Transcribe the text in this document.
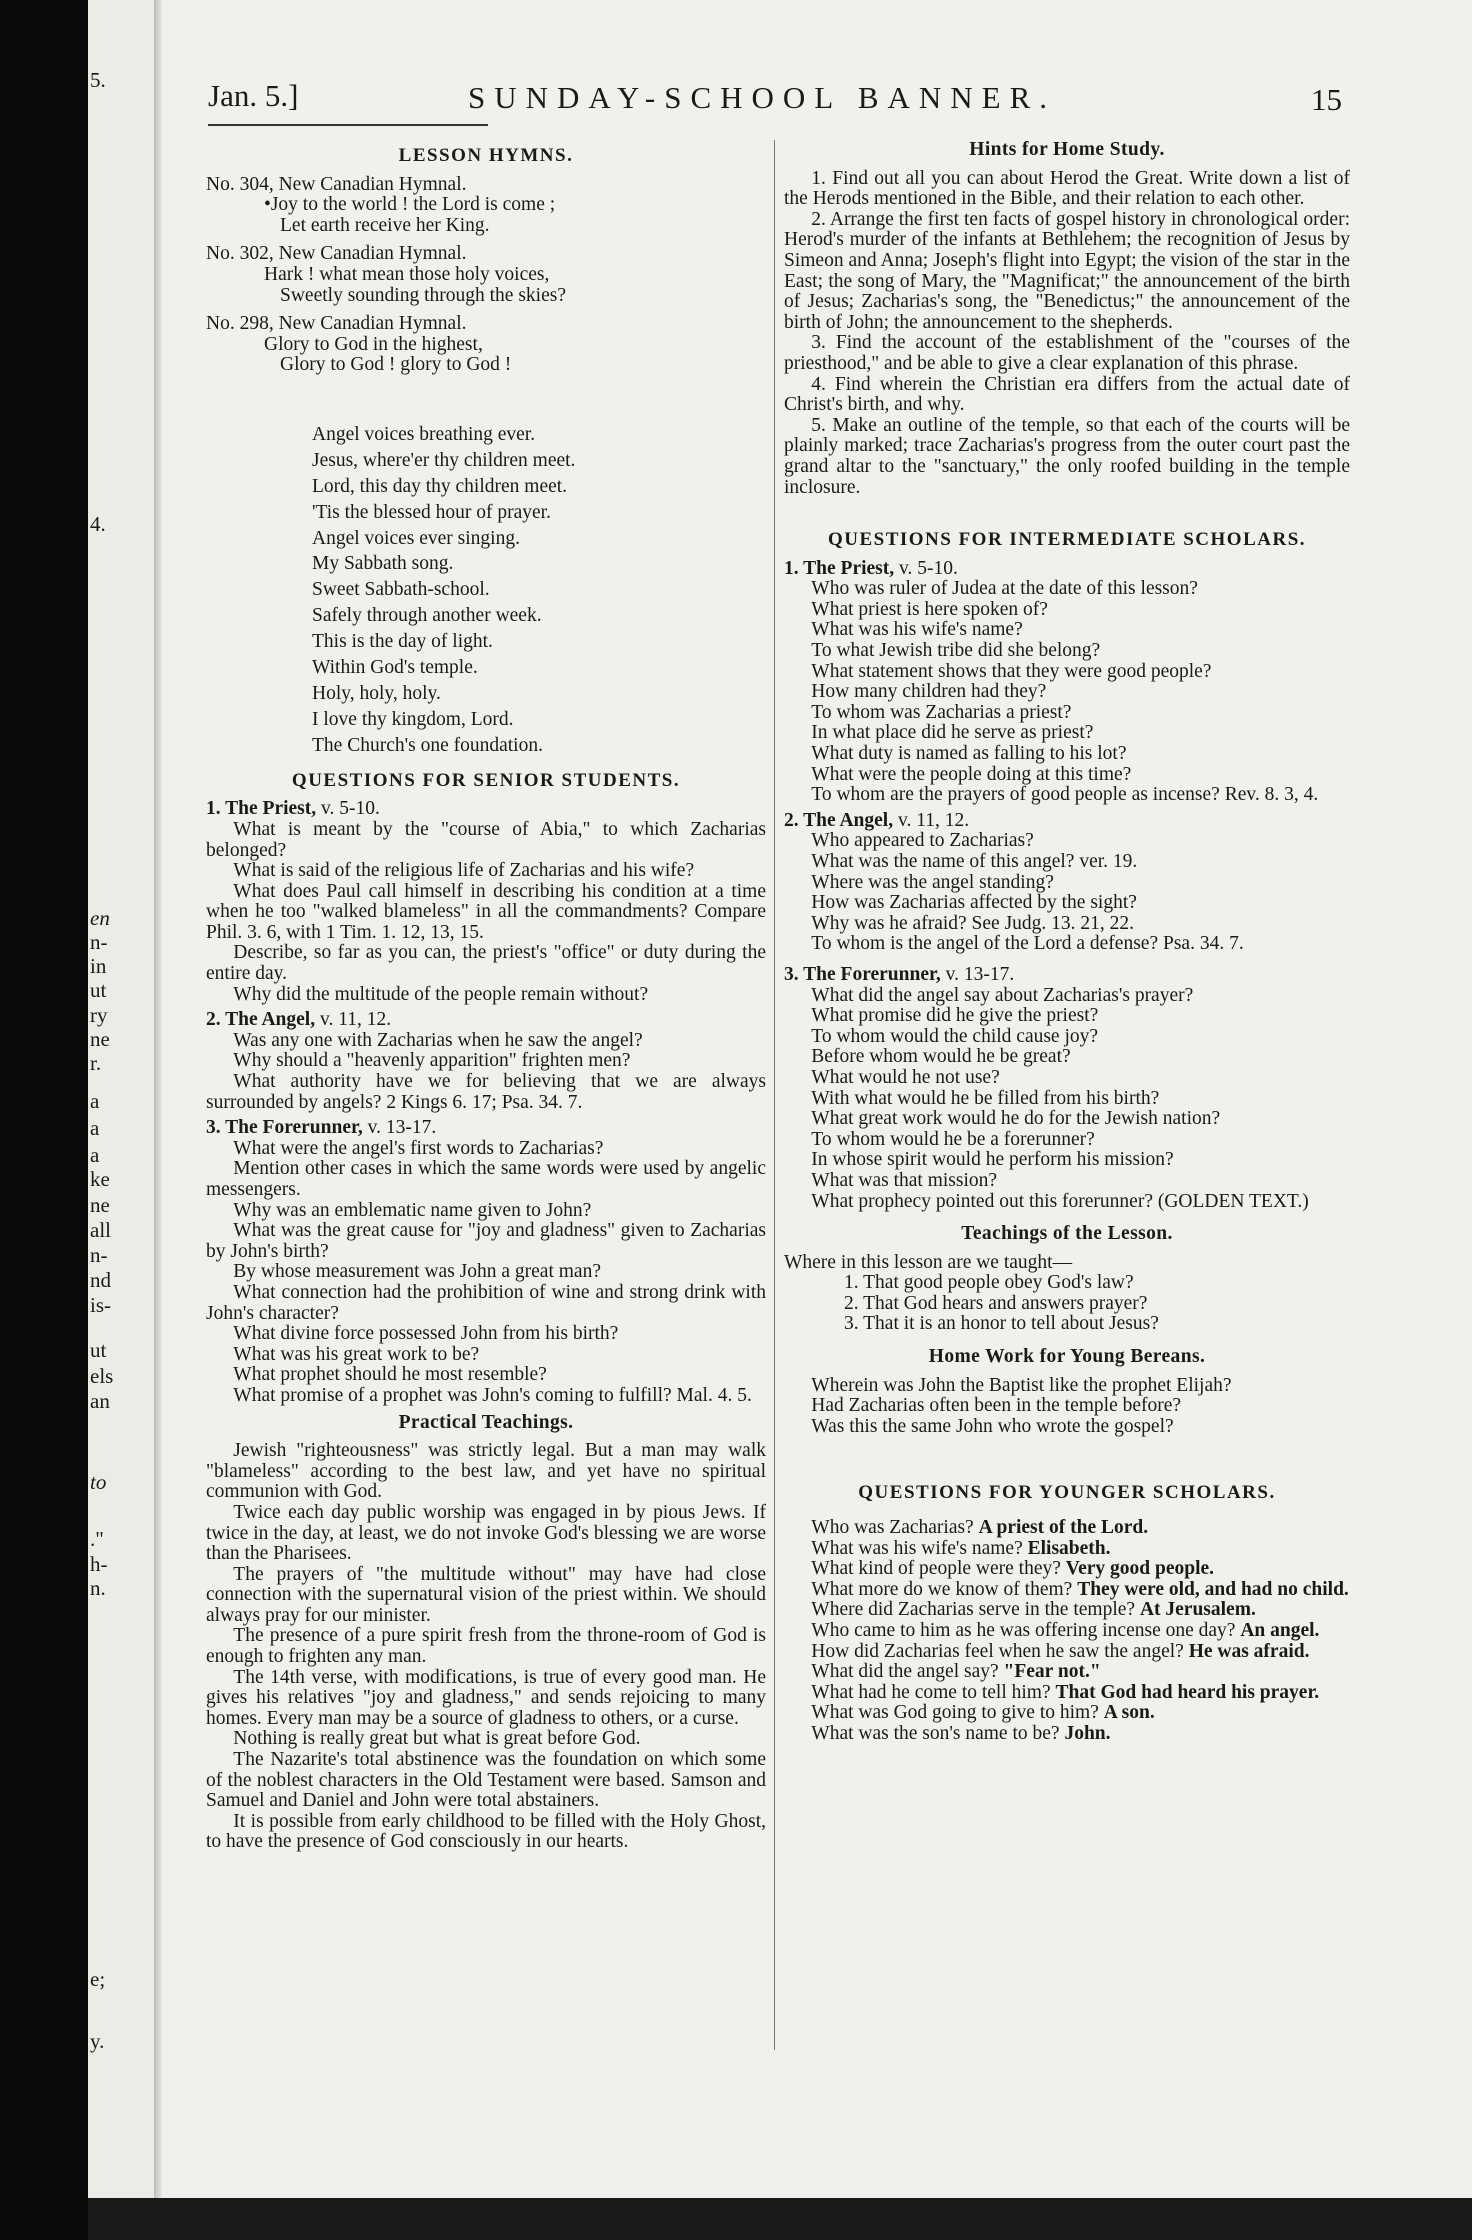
5.
4.
en
n-
in
ut
ry
ne
r.
a
a
a
ke
ne
all
n-
nd
is-
ut
els
an
to
."
h-
n.
e;
y.
Jan. 5.]	SUNDAY-SCHOOL BANNER.	15
LESSON HYMNS.
No. 304, New Canadian Hymnal.
•Joy to the world ! the Lord is come ;
Let earth receive her King.
No. 302, New Canadian Hymnal.
Hark ! what mean those holy voices,
Sweetly sounding through the skies?
No. 298, New Canadian Hymnal.
Glory to God in the highest,
Glory to God ! glory to God !
Angel voices breathing ever.
Jesus, where'er thy children meet.
Lord, this day thy children meet.
'Tis the blessed hour of prayer.
Angel voices ever singing.
My Sabbath song.
Sweet Sabbath-school.
Safely through another week.
This is the day of light.
Within God's temple.
Holy, holy, holy.
I love thy kingdom, Lord.
The Church's one foundation.
QUESTIONS FOR SENIOR STUDENTS.
1. The Priest, v. 5-10.
What is meant by the "course of Abia," to which Zacharias belonged?
What is said of the religious life of Zacharias and his wife?
What does Paul call himself in describing his condition at a time when he too "walked blameless" in all the commandments? Compare Phil. 3. 6, with 1 Tim. 1. 12, 13, 15.
Describe, so far as you can, the priest's "office" or duty during the entire day.
Why did the multitude of the people remain without?
2. The Angel, v. 11, 12.
Was any one with Zacharias when he saw the angel?
Why should a "heavenly apparition" frighten men?
What authority have we for believing that we are always surrounded by angels? 2 Kings 6. 17; Psa. 34. 7.
3. The Forerunner, v. 13-17.
What were the angel's first words to Zacharias?
Mention other cases in which the same words were used by angelic messengers.
Why was an emblematic name given to John?
What was the great cause for "joy and gladness" given to Zacharias by John's birth?
By whose measurement was John a great man?
What connection had the prohibition of wine and strong drink with John's character?
What divine force possessed John from his birth?
What was his great work to be?
What prophet should he most resemble?
What promise of a prophet was John's coming to fulfill? Mal. 4. 5.
Practical Teachings.
Jewish "righteousness" was strictly legal. But a man may walk "blameless" according to the best law, and yet have no spiritual communion with God.
Twice each day public worship was engaged in by pious Jews. If twice in the day, at least, we do not invoke God's blessing we are worse than the Pharisees.
The prayers of "the multitude without" may have had close connection with the supernatural vision of the priest within. We should always pray for our minister.
The presence of a pure spirit fresh from the throne-room of God is enough to frighten any man.
The 14th verse, with modifications, is true of every good man. He gives his relatives "joy and gladness," and sends rejoicing to many homes. Every man may be a source of gladness to others, or a curse.
Nothing is really great but what is great before God.
The Nazarite's total abstinence was the foundation on which some of the noblest characters in the Old Testament were based. Samson and Samuel and Daniel and John were total abstainers.
It is possible from early childhood to be filled with the Holy Ghost, to have the presence of God consciously in our hearts.
Hints for Home Study.
1. Find out all you can about Herod the Great. Write down a list of the Herods mentioned in the Bible, and their relation to each other.
2. Arrange the first ten facts of gospel history in chronological order: Herod's murder of the infants at Bethlehem; the recognition of Jesus by Simeon and Anna; Joseph's flight into Egypt; the vision of the star in the East; the song of Mary, the "Magnificat;" the announcement of the birth of Jesus; Zacharias's song, the "Benedictus;" the announcement of the birth of John; the announcement to the shepherds.
3. Find the account of the establishment of the "courses of the priesthood," and be able to give a clear explanation of this phrase.
4. Find wherein the Christian era differs from the actual date of Christ's birth, and why.
5. Make an outline of the temple, so that each of the courts will be plainly marked; trace Zacharias's progress from the outer court past the grand altar to the "sanctuary," the only roofed building in the temple inclosure.
QUESTIONS FOR INTERMEDIATE SCHOLARS.
1. The Priest, v. 5-10.
Who was ruler of Judea at the date of this lesson?
What priest is here spoken of?
What was his wife's name?
To what Jewish tribe did she belong?
What statement shows that they were good people?
How many children had they?
To whom was Zacharias a priest?
In what place did he serve as priest?
What duty is named as falling to his lot?
What were the people doing at this time?
To whom are the prayers of good people as incense? Rev. 8. 3, 4.
2. The Angel, v. 11, 12.
Who appeared to Zacharias?
What was the name of this angel? ver. 19.
Where was the angel standing?
How was Zacharias affected by the sight?
Why was he afraid? See Judg. 13. 21, 22.
To whom is the angel of the Lord a defense? Psa. 34. 7.
3. The Forerunner, v. 13-17.
What did the angel say about Zacharias's prayer?
What promise did he give the priest?
To whom would the child cause joy?
Before whom would he be great?
What would he not use?
With what would he be filled from his birth?
What great work would he do for the Jewish nation?
To whom would he be a forerunner?
In whose spirit would he perform his mission?
What was that mission?
What prophecy pointed out this forerunner? (GOLDEN TEXT.)
Teachings of the Lesson.
Where in this lesson are we taught—
1. That good people obey God's law?
2. That God hears and answers prayer?
3. That it is an honor to tell about Jesus?
Home Work for Young Bereans.
Wherein was John the Baptist like the prophet Elijah?
Had Zacharias often been in the temple before?
Was this the same John who wrote the gospel?
QUESTIONS FOR YOUNGER SCHOLARS.
Who was Zacharias? A priest of the Lord.
What was his wife's name? Elisabeth.
What kind of people were they? Very good people.
What more do we know of them? They were old, and had no child.
Where did Zacharias serve in the temple? At Jerusalem.
Who came to him as he was offering incense one day? An angel.
How did Zacharias feel when he saw the angel? He was afraid.
What did the angel say? "Fear not."
What had he come to tell him? That God had heard his prayer.
What was God going to give to him? A son.
What was the son's name to be? John.
